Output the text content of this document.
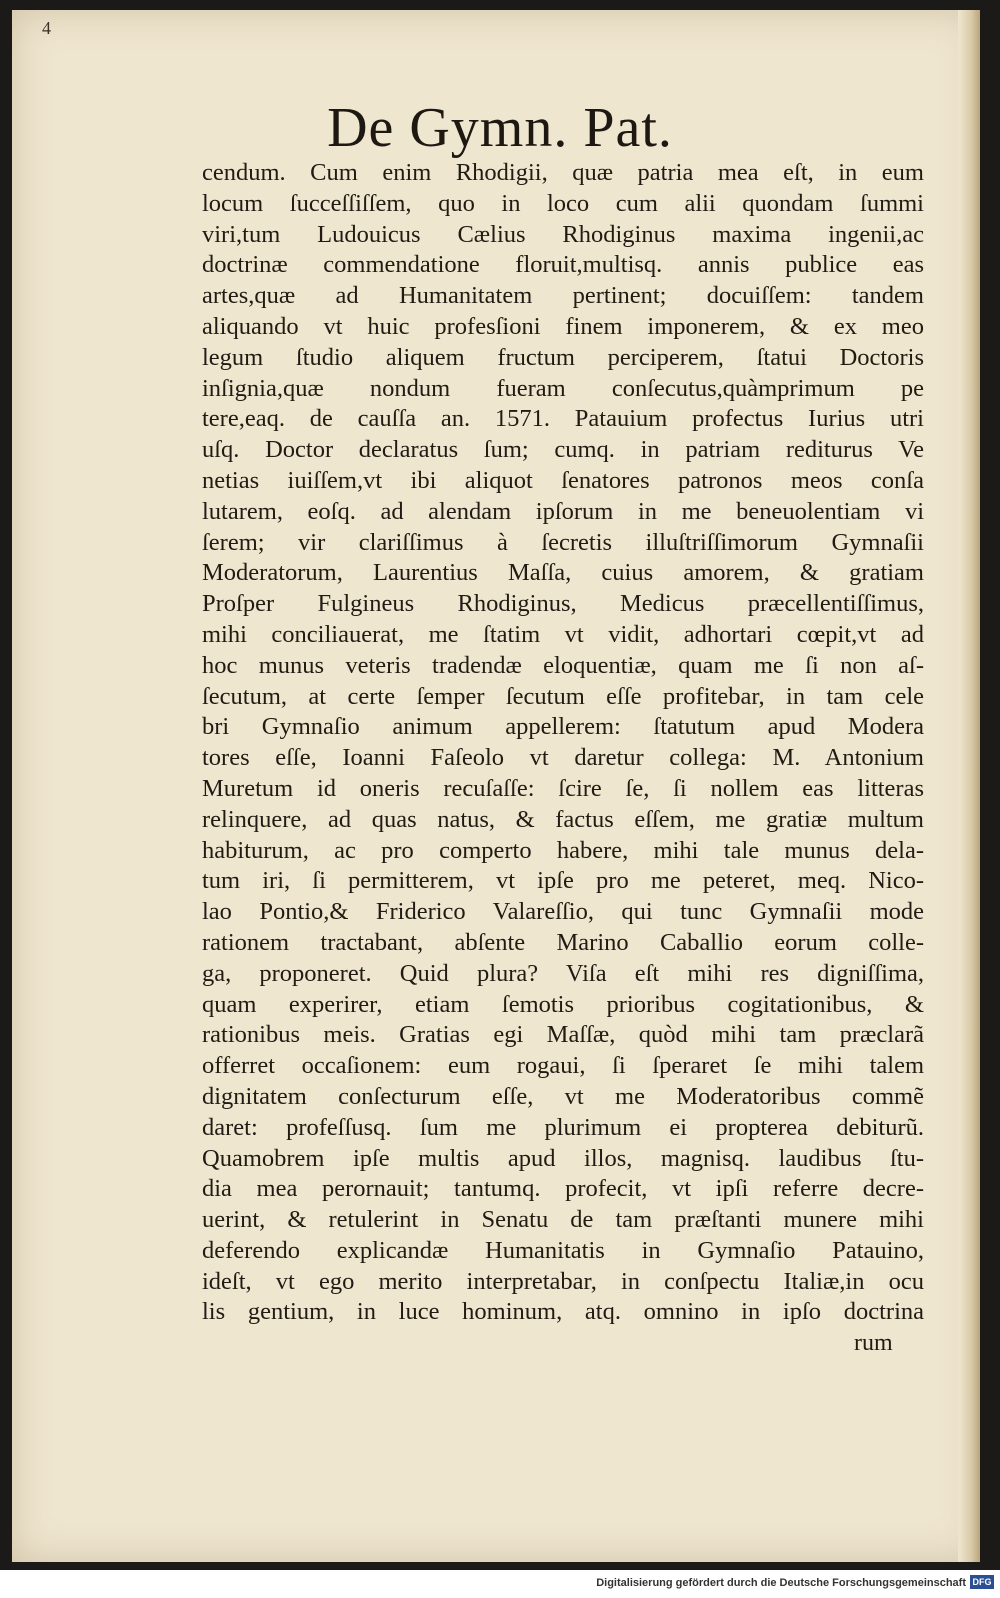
4
De Gymn. Pat.
cendum. Cum enim Rhodigii, quæ patria mea eſt, in eum
locum ſucceſſiſſem, quo in loco cum alii quondam ſummi
viri,tum Ludouicus Cælius Rhodiginus maxima ingenii,ac
doctrinæ commendatione floruit,multisq. annis publice eas
artes,quæ ad Humanitatem pertinent; docuiſſem: tandem
aliquando vt huic profesſioni finem imponerem, & ex meo
legum ſtudio aliquem fructum perciperem, ſtatui Doctoris
inſignia,quæ nondum fueram conſecutus,quàmprimum pe
tere,eaq. de cauſſa an. 1571. Patauium profectus Iurius utri
uſq. Doctor declaratus ſum; cumq. in patriam rediturus Ve
netias iuiſſem,vt ibi aliquot ſenatores patronos meos conſa
lutarem, eoſq. ad alendam ipſorum in me beneuolentiam vi
ſerem; vir clariſſimus à ſecretis illuſtriſſimorum Gymnaſii
Moderatorum, Laurentius Maſſa, cuius amorem, & gratiam
Proſper Fulgineus Rhodiginus, Medicus præcellentiſſimus,
mihi conciliauerat, me ſtatim vt vidit, adhortari cœpit,vt ad
hoc munus veteris tradendæ eloquentiæ, quam me ſi non aſ-
ſecutum, at certe ſemper ſecutum eſſe profitebar, in tam cele
bri Gymnaſio animum appellerem: ſtatutum apud Modera
tores eſſe, Ioanni Faſeolo vt daretur collega: M. Antonium
Muretum id oneris recuſaſſe: ſcire ſe, ſi nollem eas litteras
relinquere, ad quas natus, & factus eſſem, me gratiæ multum
habiturum, ac pro comperto habere, mihi tale munus dela-
tum iri, ſi permitterem, vt ipſe pro me peteret, meq. Nico-
lao Pontio,& Friderico Valareſſio, qui tunc Gymnaſii mode
rationem tractabant, abſente Marino Caballio eorum colle-
ga, proponeret. Quid plura? Viſa eſt mihi res digniſſima,
quam experirer, etiam ſemotis prioribus cogitationibus, &
rationibus meis. Gratias egi Maſſæ, quòd mihi tam præclarã
offerret occaſionem: eum rogaui, ſi ſperaret ſe mihi talem
dignitatem conſecturum eſſe, vt me Moderatoribus commẽ
daret: profeſſusq. ſum me plurimum ei propterea debiturũ.
Quamobrem ipſe multis apud illos, magnisq. laudibus ſtu-
dia mea perornauit; tantumq. profecit, vt ipſi referre decre-
uerint, & retulerint in Senatu de tam præſtanti munere mihi
deferendo explicandæ Humanitatis in Gymnaſio Patauino,
ideſt, vt ego merito interpretabar, in conſpectu Italiæ,in ocu
lis gentium, in luce hominum, atq. omnino in ipſo doctrina
rum
Digitalisierung gefördert durch die Deutsche Forschungsgemeinschaft DFG
